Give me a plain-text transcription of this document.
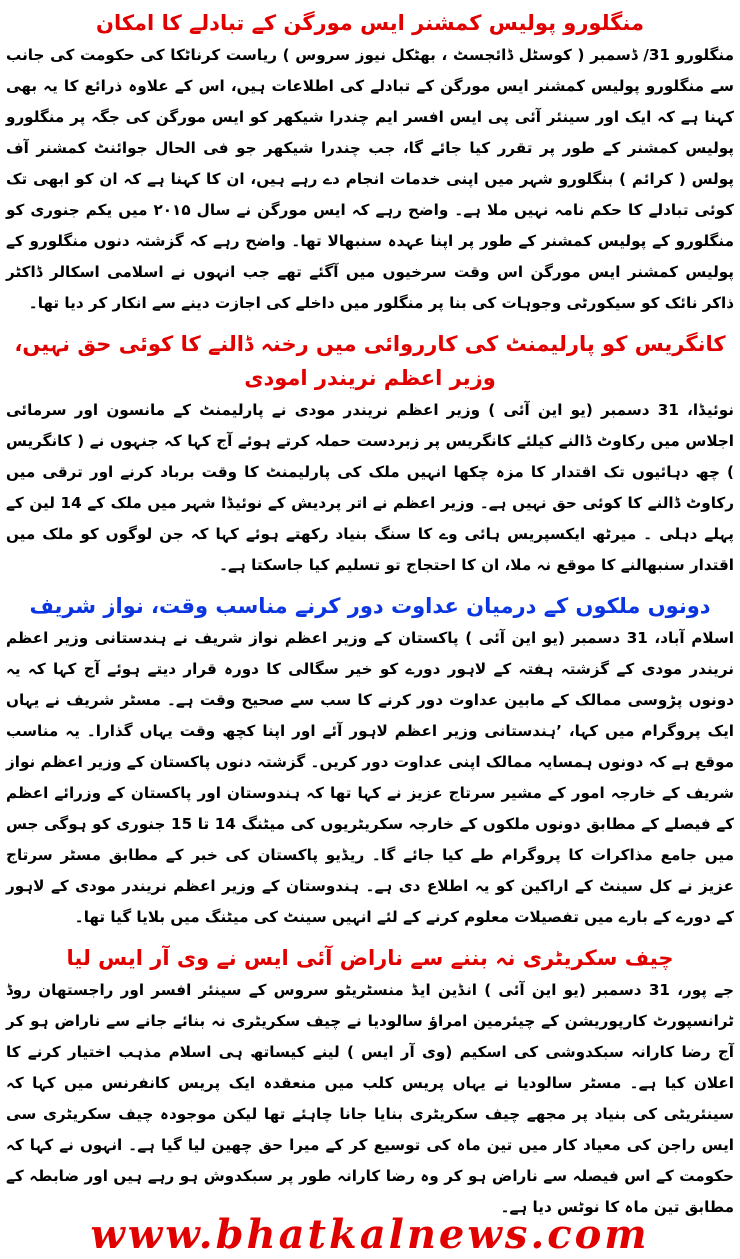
منگلورو پولیس کمشنر ایس مورگن کے تبادلے کا امکان

منگلورو 31/ ڈسمبر ( کوسٹل ڈائجسٹ ، بھٹکل نیوز سروس ) ریاست کرناٹکا کی حکومت کی جانب سے منگلورو پولیس کمشنر ایس مورگن کے تبادلے کی اطلاعات ہیں، اس کے علاوہ ذرائع کا یہ بھی کہنا ہے کہ ایک اور سینئر آئی پی ایس افسر ایم چندرا شیکھر کو ایس مورگن کی جگہ پر منگلورو پولیس کمشنر کے طور پر تقرر کیا جائے گا، جب چندرا شیکھر جو فی الحال جوائنٹ کمشنر آف پولس ( کرائم ) بنگلورو شہر میں اپنی خدمات انجام دے رہے ہیں، ان کا کہنا ہے کہ ان کو ابھی تک کوئی تبادلے کا حکم نامہ نہیں ملا ہے۔ واضح رہے کہ ایس مورگن نے سال ۲۰۱۵ میں یکم جنوری کو منگلورو کے پولیس کمشنر کے طور پر اپنا عہدہ سنبھالا تھا۔ واضح رہے کہ گزشتہ دنوں منگلورو کے پولیس کمشنر ایس مورگن اس وقت سرخیوں میں آگئے تھے جب انہوں نے اسلامی اسکالر ڈاکٹر ذاکر نائک کو سیکورٹی وجوہات کی بنا پر منگلور میں داخلے کی اجازت دینے سے انکار کر دیا تھا۔

کانگریس کو پارلیمنٹ کی کارروائی میں رخنہ ڈالنے کا کوئی حق نہیں، وزیر اعظم نریندر امودی

نوئیڈا، 31 دسمبر (یو این آئی ) وزیر اعظم نریندر مودی نے پارلیمنٹ کے مانسون اور سرمائی اجلاس میں رکاوٹ ڈالنے کیلئے کانگریس پر زبردست حملہ کرتے ہوئے آج کہا کہ جنہوں نے ( کانگریس ) چھ دہائیوں تک اقتدار کا مزہ چکھا انہیں ملک کی پارلیمنٹ کا وقت برباد کرنے اور ترقی میں رکاوٹ ڈالنے کا کوئی حق نہیں ہے۔ وزیر اعظم نے اتر پردیش کے نوئیڈا شہر میں ملک کے 14 لین کے پہلے دہلی ۔ میرٹھ ایکسپریس ہائی وے کا سنگ بنیاد رکھتے ہوئے کہا کہ جن لوگوں کو ملک میں اقتدار سنبھالنے کا موقع نہ ملا، ان کا احتجاج تو تسلیم کیا جاسکتا ہے۔

دونوں ملکوں کے درمیان عداوت دور کرنے مناسب وقت، نواز شریف

اسلام آباد، 31 دسمبر (یو این آئی ) پاکستان کے وزیر اعظم نواز شریف نے ہندستانی وزیر اعظم نریندر مودی کے گزشتہ ہفتہ کے لاہور دورے کو خیر سگالی کا دورہ قرار دیتے ہوئے آج کہا کہ یہ دونوں پڑوسی ممالک کے مابین عداوت دور کرنے کا سب سے صحیح وقت ہے۔ مسٹر شریف نے یہاں ایک پروگرام میں کہا، ’ہندستانی وزیر اعظم لاہور آئے اور اپنا کچھ وقت یہاں گذارا۔ یہ مناسب موقع ہے کہ دونوں ہمسایہ ممالک اپنی عداوت دور کریں۔ گزشتہ دنوں پاکستان کے وزیر اعظم نواز شریف کے خارجہ امور کے مشیر سرتاج عزیز نے کہا تھا کہ ہندوستان اور پاکستان کے وزرائے اعظم کے فیصلے کے مطابق دونوں ملکوں کے خارجہ سکریٹریوں کی میٹنگ 14 تا 15 جنوری کو ہوگی جس میں جامع مذاکرات کا پروگرام طے کیا جائے گا۔ ریڈیو پاکستان کی خبر کے مطابق مسٹر سرتاج عزیز نے کل سینٹ کے اراکین کو یہ اطلاع دی ہے۔ ہندوستان کے وزیر اعظم نریندر مودی کے لاہور کے دورے کے بارے میں تفصیلات معلوم کرنے کے لئے انہیں سینٹ کی میٹنگ میں بلایا گیا تھا۔

چیف سکریٹری نہ بننے سے ناراض آئی ایس نے وی آر ایس لیا

جے پور، 31 دسمبر (یو این آئی ) انڈین ایڈ منسٹریٹو سروس کے سینئر افسر اور راجستھان روڈ ٹرانسپورٹ کارپوریشن کے چیئرمین امراؤ سالودیا نے چیف سکریٹری نہ بنائے جانے سے ناراض ہو کر آج رضا کارانہ سبکدوشی کی اسکیم (وی آر ایس ) لینے کیساتھ ہی اسلام مذہب اختیار کرنے کا اعلان کیا ہے۔ مسٹر سالودیا نے یہاں پریس کلب میں منعقدہ ایک پریس کانفرنس میں کہا کہ سینئریٹی کی بنیاد پر مجھے چیف سکریٹری بنایا جانا چاہئے تھا لیکن موجودہ چیف سکریٹری سی ایس راجن کی معیاد کار میں تین ماہ کی توسیع کر کے میرا حق چھین لیا گیا ہے۔ انہوں نے کہا کہ حکومت کے اس فیصلہ سے ناراض ہو کر وہ رضا کارانہ طور پر سبکدوش ہو رہے ہیں اور ضابطہ کے مطابق تین ماہ کا نوٹس دیا ہے۔

www.bhatkalnews.com
